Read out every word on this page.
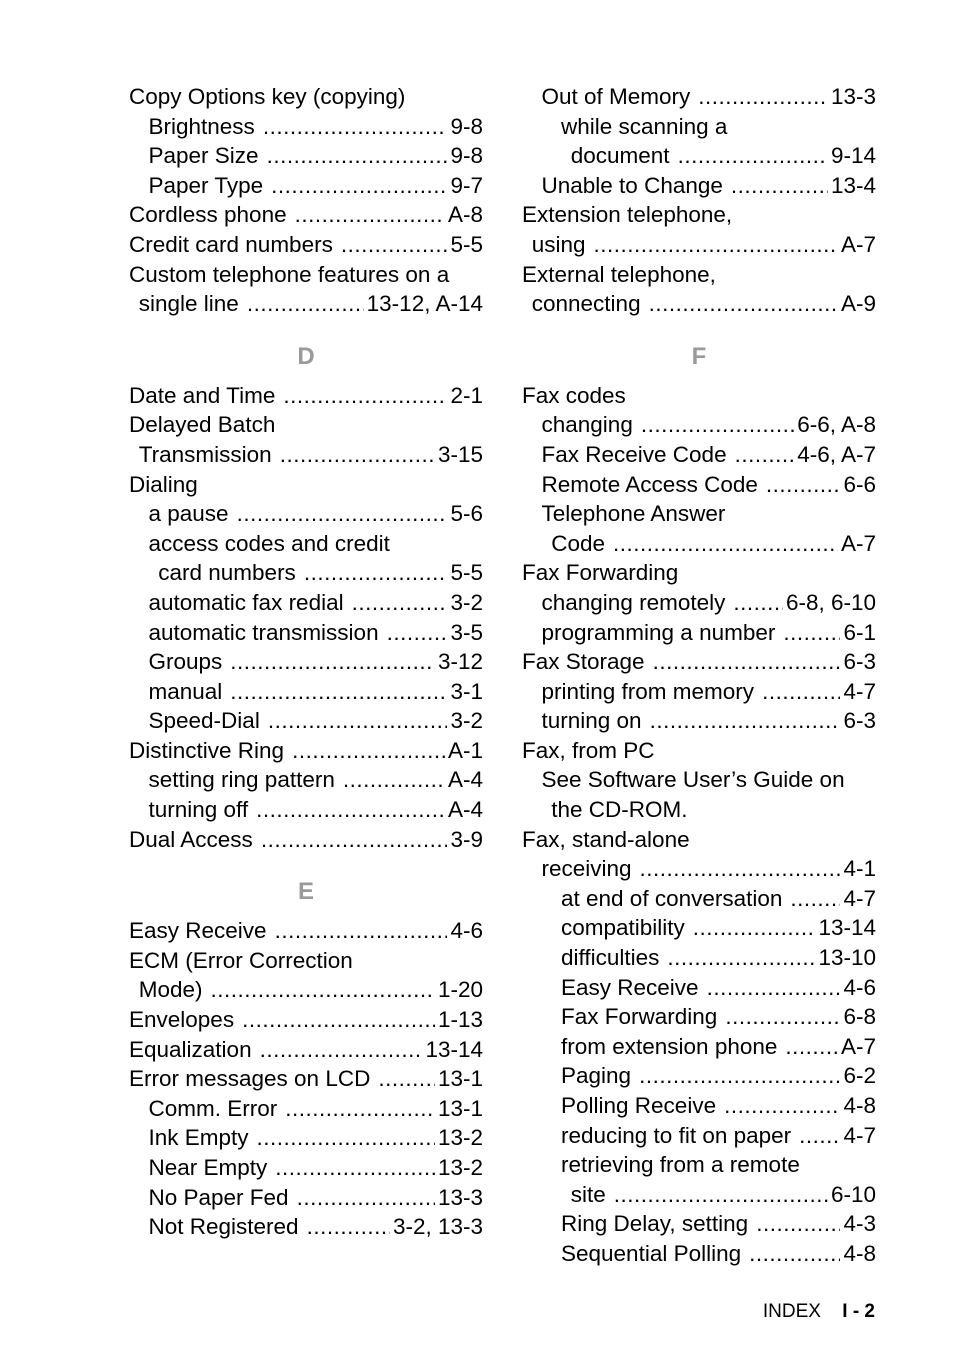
Copy Options key (copying)
Brightness .....	9-8
Paper Size .....	9-8
Paper Type .....	9-7
Cordless phone .....	A-8
Credit card numbers .....	5-5
Custom telephone features on a
single line .....	13-12, A-14
D
Date and Time .....	2-1
Delayed Batch
Transmission .....	3-15
Dialing
a pause .....	5-6
access codes and credit
card numbers .....	5-5
automatic fax redial .....	3-2
automatic transmission .....	3-5
Groups .....	3-12
manual .....	3-1
Speed-Dial .....	3-2
Distinctive Ring .....	A-1
setting ring pattern .....	A-4
turning off .....	A-4
Dual Access .....	3-9
E
Easy Receive .....	4-6
ECM (Error Correction
Mode) .....	1-20
Envelopes .....	1-13
Equalization .....	13-14
Error messages on LCD .....	13-1
Comm. Error .....	13-1
Ink Empty .....	13-2
Near Empty .....	13-2
No Paper Fed .....	13-3
Not Registered .....	3-2, 13-3
Out of Memory .....	13-3
while scanning a
document .....	9-14
Unable to Change .....	13-4
Extension telephone,
using .....	A-7
External telephone,
connecting .....	A-9
F
Fax codes
changing .....	6-6, A-8
Fax Receive Code .....	4-6, A-7
Remote Access Code .....	6-6
Telephone Answer
Code .....	A-7
Fax Forwarding
changing remotely .....	6-8, 6-10
programming a number .....	6-1
Fax Storage .....	6-3
printing from memory .....	4-7
turning on .....	6-3
Fax, from PC
See Software User’s Guide on
the CD-ROM.
Fax, stand-alone
receiving .....	4-1
at end of conversation .....	4-7
compatibility .....	13-14
difficulties .....	13-10
Easy Receive .....	4-6
Fax Forwarding .....	6-8
from extension phone .....	A-7
Paging .....	6-2
Polling Receive .....	4-8
reducing to fit on paper ..... 4-7
retrieving from a remote
site .....	6-10
Ring Delay, setting .....	4-3
Sequential Polling .....	4-8
INDEX I - 2
